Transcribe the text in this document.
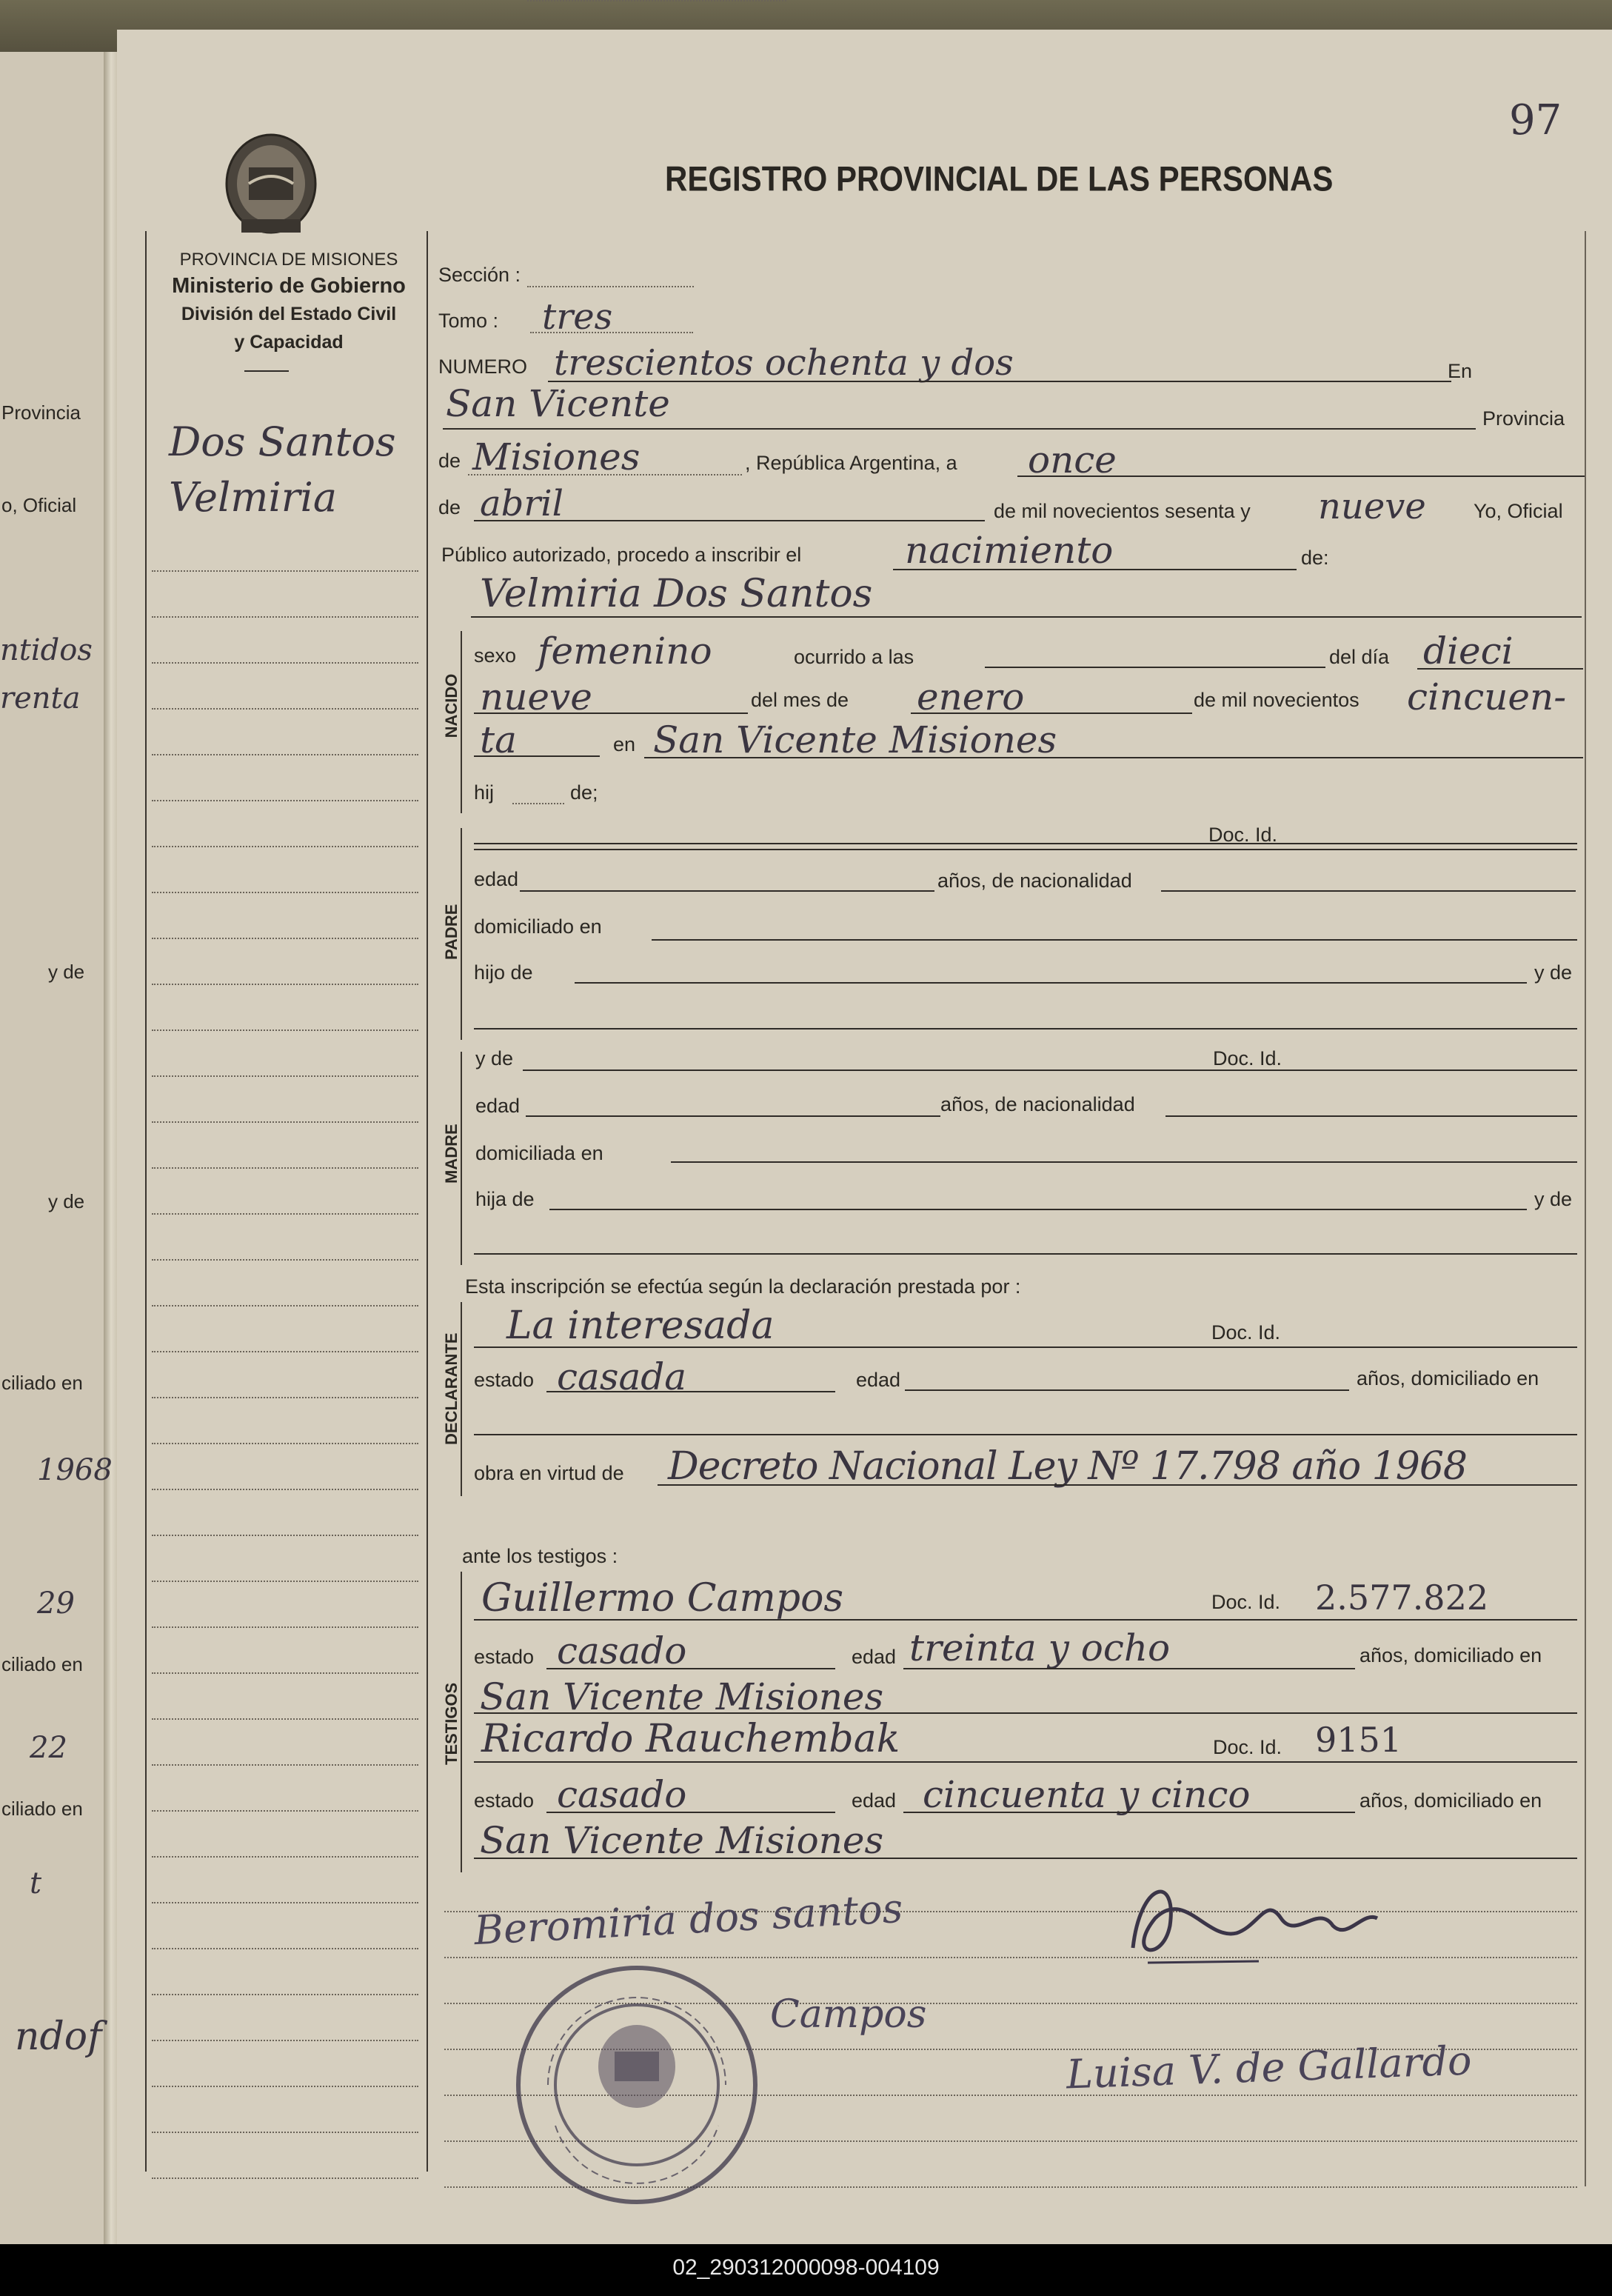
Provincia
o, Oficial
ntidos
renta
y de
y de
ciliado en
1968
29
ciliado en
22
ciliado en
t
ndof
97
PROVINCIA DE MISIONES
Ministerio de Gobierno
División del Estado Civil
y Capacidad
REGISTRO PROVINCIAL DE LAS PERSONAS
Dos Santos
Velmiria
Sección :
Tomo : tres
NUMERO trescientos ochenta y dos	En
San Vicente	Provincia
de Misiones	, República Argentina, a once
de abril	de mil novecientos sesenta y nueve Yo, Oficial
Público autorizado, procedo a inscribir el	nacimiento	de:
Velmiria Dos Santos
NACIDO
sexo femenino	ocurrido a las	del día dieci
nueve	del mes de enero	de mil novecientos cincuen-
ta	en San Vicente Misiones
hij	de;
PADRE
Doc. Id.
edad	años, de nacionalidad
domiciliado en
hijo de	y de
MADRE
y de	Doc. Id.
edad	años, de nacionalidad
domiciliada en
hija de	y de
Esta inscripción se efectúa según la declaración prestada por :
DECLARANTE
La interesada	Doc. Id.
estado casada	edad	años, domiciliado en
obra en virtud de Decreto Nacional Ley Nº 17.798 año 1968
ante los testigos :
TESTIGOS
Guillermo Campos	Doc. Id. 2.577.822
estado casado	edad treinta y ocho	años, domiciliado en
San Vicente Misiones
Ricardo Rauchembak	Doc. Id. 9151
estado casado	edad cincuenta y cinco	años, domiciliado en
San Vicente Misiones
Beromiria dos santos
Campos
Luisa V. de Gallardo
02_290312000098-004109
